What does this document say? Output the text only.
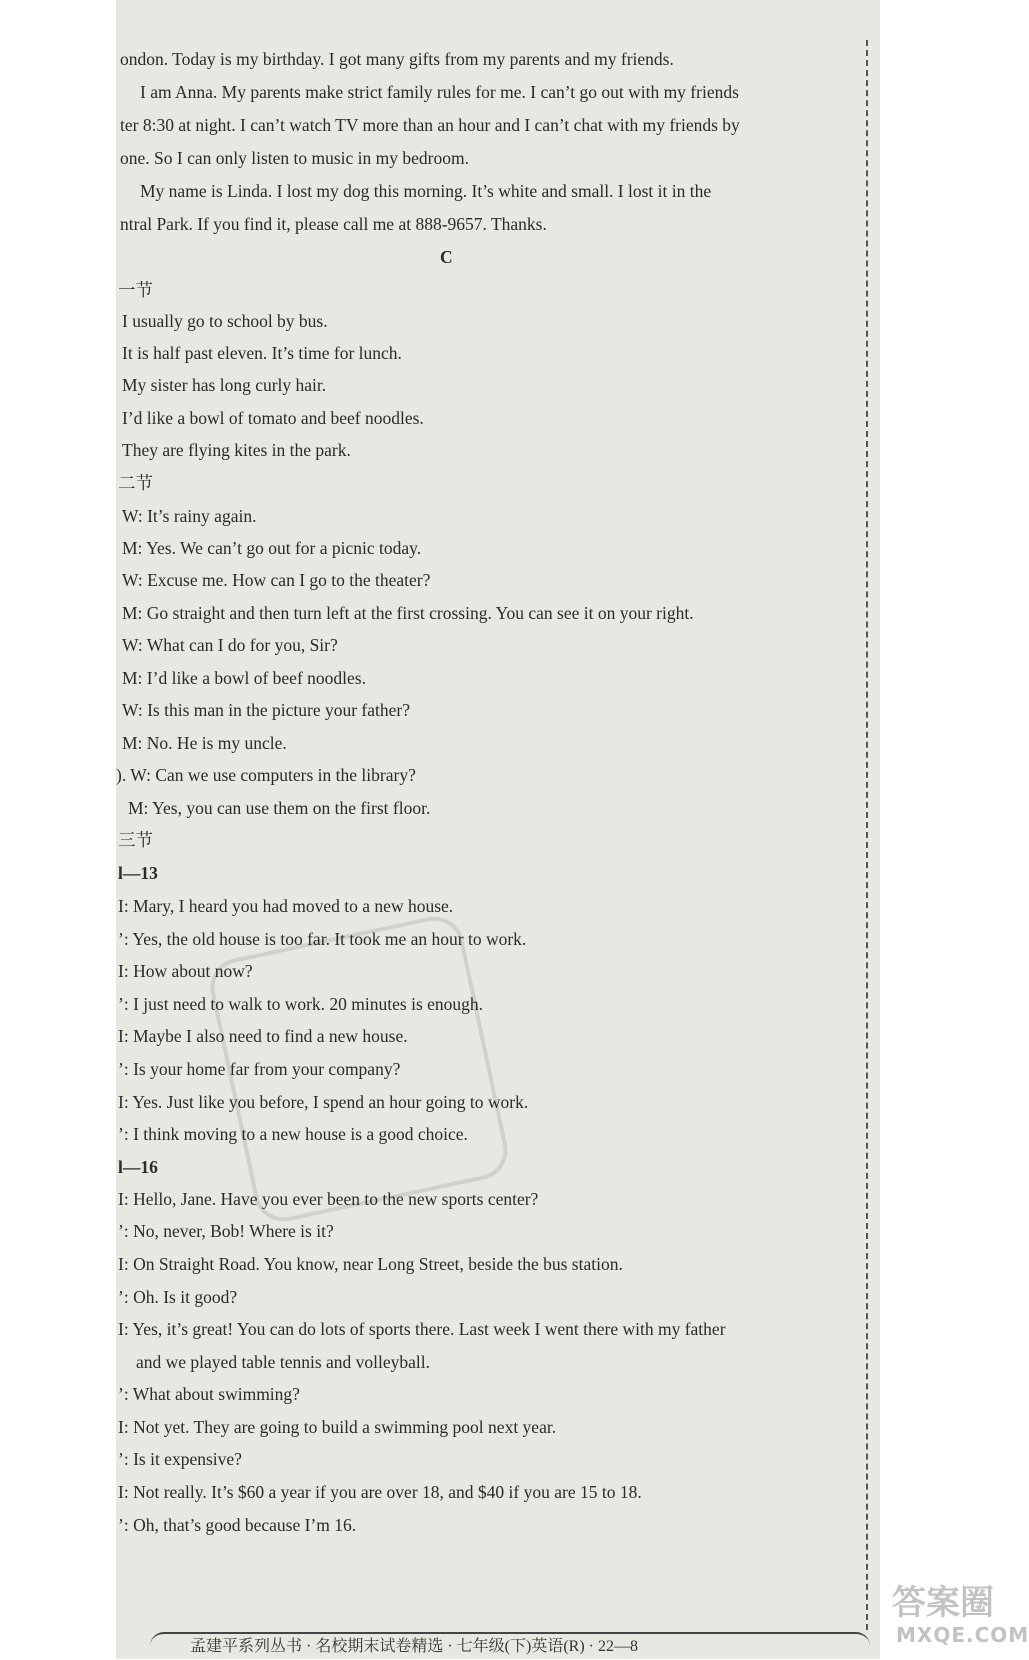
ondon. Today is my birthday. I got many gifts from my parents and my friends.
I am Anna. My parents make strict family rules for me. I can’t go out with my friends
ter 8:30 at night. I can’t watch TV more than an hour and I can’t chat with my friends by
one. So I can only listen to music in my bedroom.
My name is Linda. I lost my dog this morning. It’s white and small. I lost it in the
ntral Park. If you find it, please call me at 888-9657. Thanks.
C
一节
I usually go to school by bus.
It is half past eleven. It’s time for lunch.
My sister has long curly hair.
I’d like a bowl of tomato and beef noodles.
They are flying kites in the park.
二节
W: It’s rainy again.
M: Yes. We can’t go out for a picnic today.
W: Excuse me. How can I go to the theater?
M: Go straight and then turn left at the first crossing. You can see it on your right.
W: What can I do for you, Sir?
M: I’d like a bowl of beef noodles.
W: Is this man in the picture your father?
M: No. He is my uncle.
). W: Can we use computers in the library?
M: Yes, you can use them on the first floor.
三节
l—13
I: Mary, I heard you had moved to a new house.
’: Yes, the old house is too far. It took me an hour to work.
I: How about now?
’: I just need to walk to work. 20 minutes is enough.
I: Maybe I also need to find a new house.
’: Is your home far from your company?
I: Yes. Just like you before, I spend an hour going to work.
’: I think moving to a new house is a good choice.
l—16
I: Hello, Jane. Have you ever been to the new sports center?
’: No, never, Bob! Where is it?
I: On Straight Road. You know, near Long Street, beside the bus station.
’: Oh. Is it good?
I: Yes, it’s great! You can do lots of sports there. Last week I went there with my father
and we played table tennis and volleyball.
’: What about swimming?
I: Not yet. They are going to build a swimming pool next year.
’: Is it expensive?
I: Not really. It’s $60 a year if you are over 18, and $40 if you are 15 to 18.
’: Oh, that’s good because I’m 16.
孟建平系列丛书 · 名校期末试卷精选 · 七年级(下)英语(R) · 22—8
答案圈
MXQE.COM
